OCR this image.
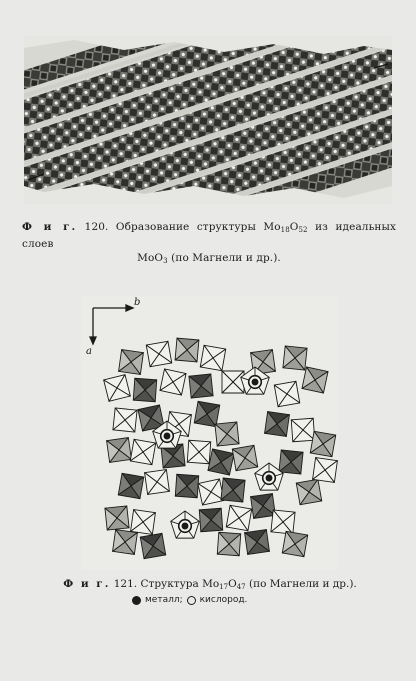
Ф и г. 120. Образование структуры $Mo_{18}O_{52}$ из идеальных слоев
MoO$_3$ (по Магнели и др.).
b
a
Ф и г. 121. Структура $Mo_{17}O_{47}$ (по Магнели и др.).
металл; кислород.
